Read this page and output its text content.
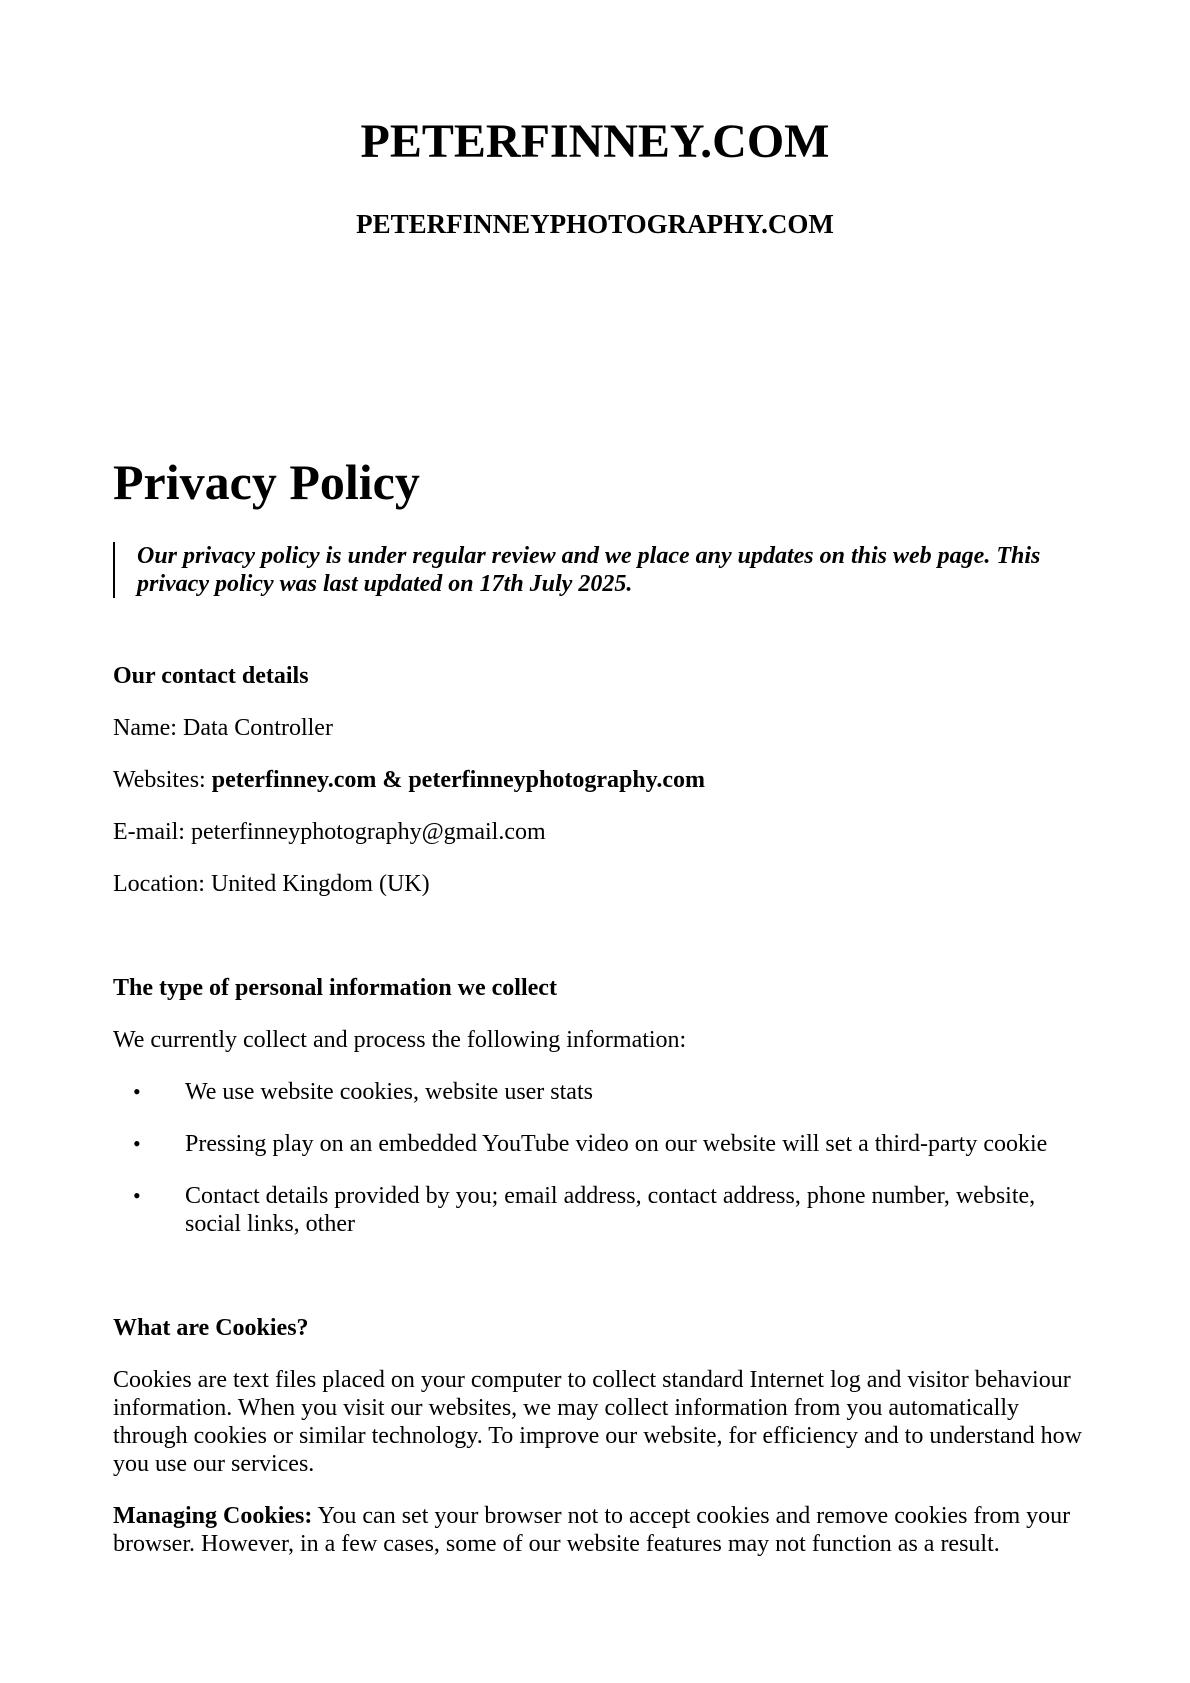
PETERFINNEY.COM
PETERFINNEYPHOTOGRAPHY.COM
Privacy Policy
Our privacy policy is under regular review and we place any updates on this web page. This privacy policy was last updated on 17th July 2025.
Our contact details

Name: Data Controller

Websites: peterfinney.com & peterfinneyphotography.com

E-mail: peterfinneyphotography@gmail.com

Location: United Kingdom (UK)

The type of personal information we collect

We currently collect and process the following information:

• We use website cookies, website user stats
• Pressing play on an embedded YouTube video on our website will set a third-party cookie
• Contact details provided by you; email address, contact address, phone number, website, social links, other
What are Cookies?

Cookies are text files placed on your computer to collect standard Internet log and visitor behaviour information. When you visit our websites, we may collect information from you automatically through cookies or similar technology. To improve our website, for efficiency and to understand how you use our services.

Managing Cookies: You can set your browser not to accept cookies and remove cookies from your browser. However, in a few cases, some of our website features may not function as a result.
